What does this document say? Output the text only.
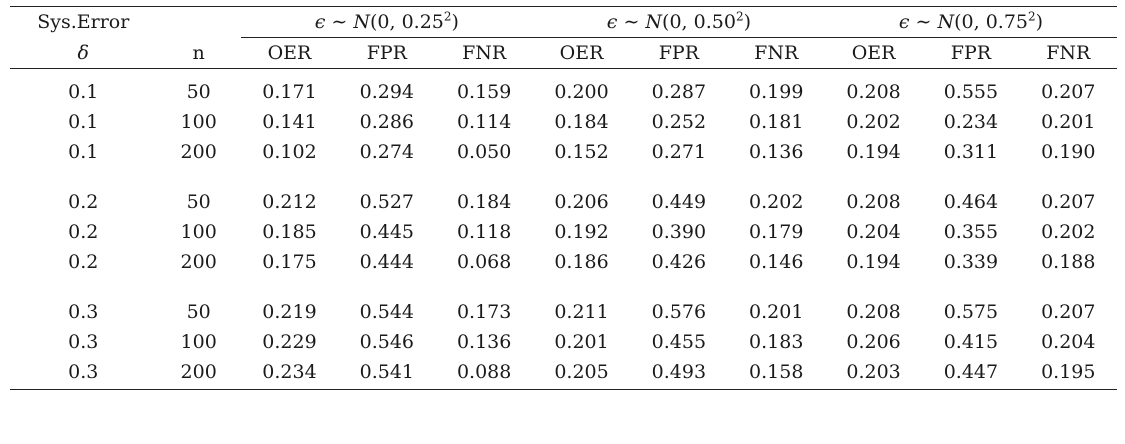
Sys.Error		ϵ ∼ N(0, 0.25$^2$)			ϵ ∼ N(0, 0.50$^2$)			ϵ ∼ N(0, 0.75$^2$)		
δ	n	OER	FPR	FNR	OER	FPR	FNR	OER	FPR	FNR
0.1	50	0.171	0.294	0.159	0.200	0.287	0.199	0.208	0.555	0.207
0.1	100	0.141	0.286	0.114	0.184	0.252	0.181	0.202	0.234	0.201
0.1	200	0.102	0.274	0.050	0.152	0.271	0.136	0.194	0.311	0.190

0.2	50	0.212	0.527	0.184	0.206	0.449	0.202	0.208	0.464	0.207
0.2	100	0.185	0.445	0.118	0.192	0.390	0.179	0.204	0.355	0.202
0.2	200	0.175	0.444	0.068	0.186	0.426	0.146	0.194	0.339	0.188

0.3	50	0.219	0.544	0.173	0.211	0.576	0.201	0.208	0.575	0.207
0.3	100	0.229	0.546	0.136	0.201	0.455	0.183	0.206	0.415	0.204
0.3	200	0.234	0.541	0.088	0.205	0.493	0.158	0.203	0.447	0.195
